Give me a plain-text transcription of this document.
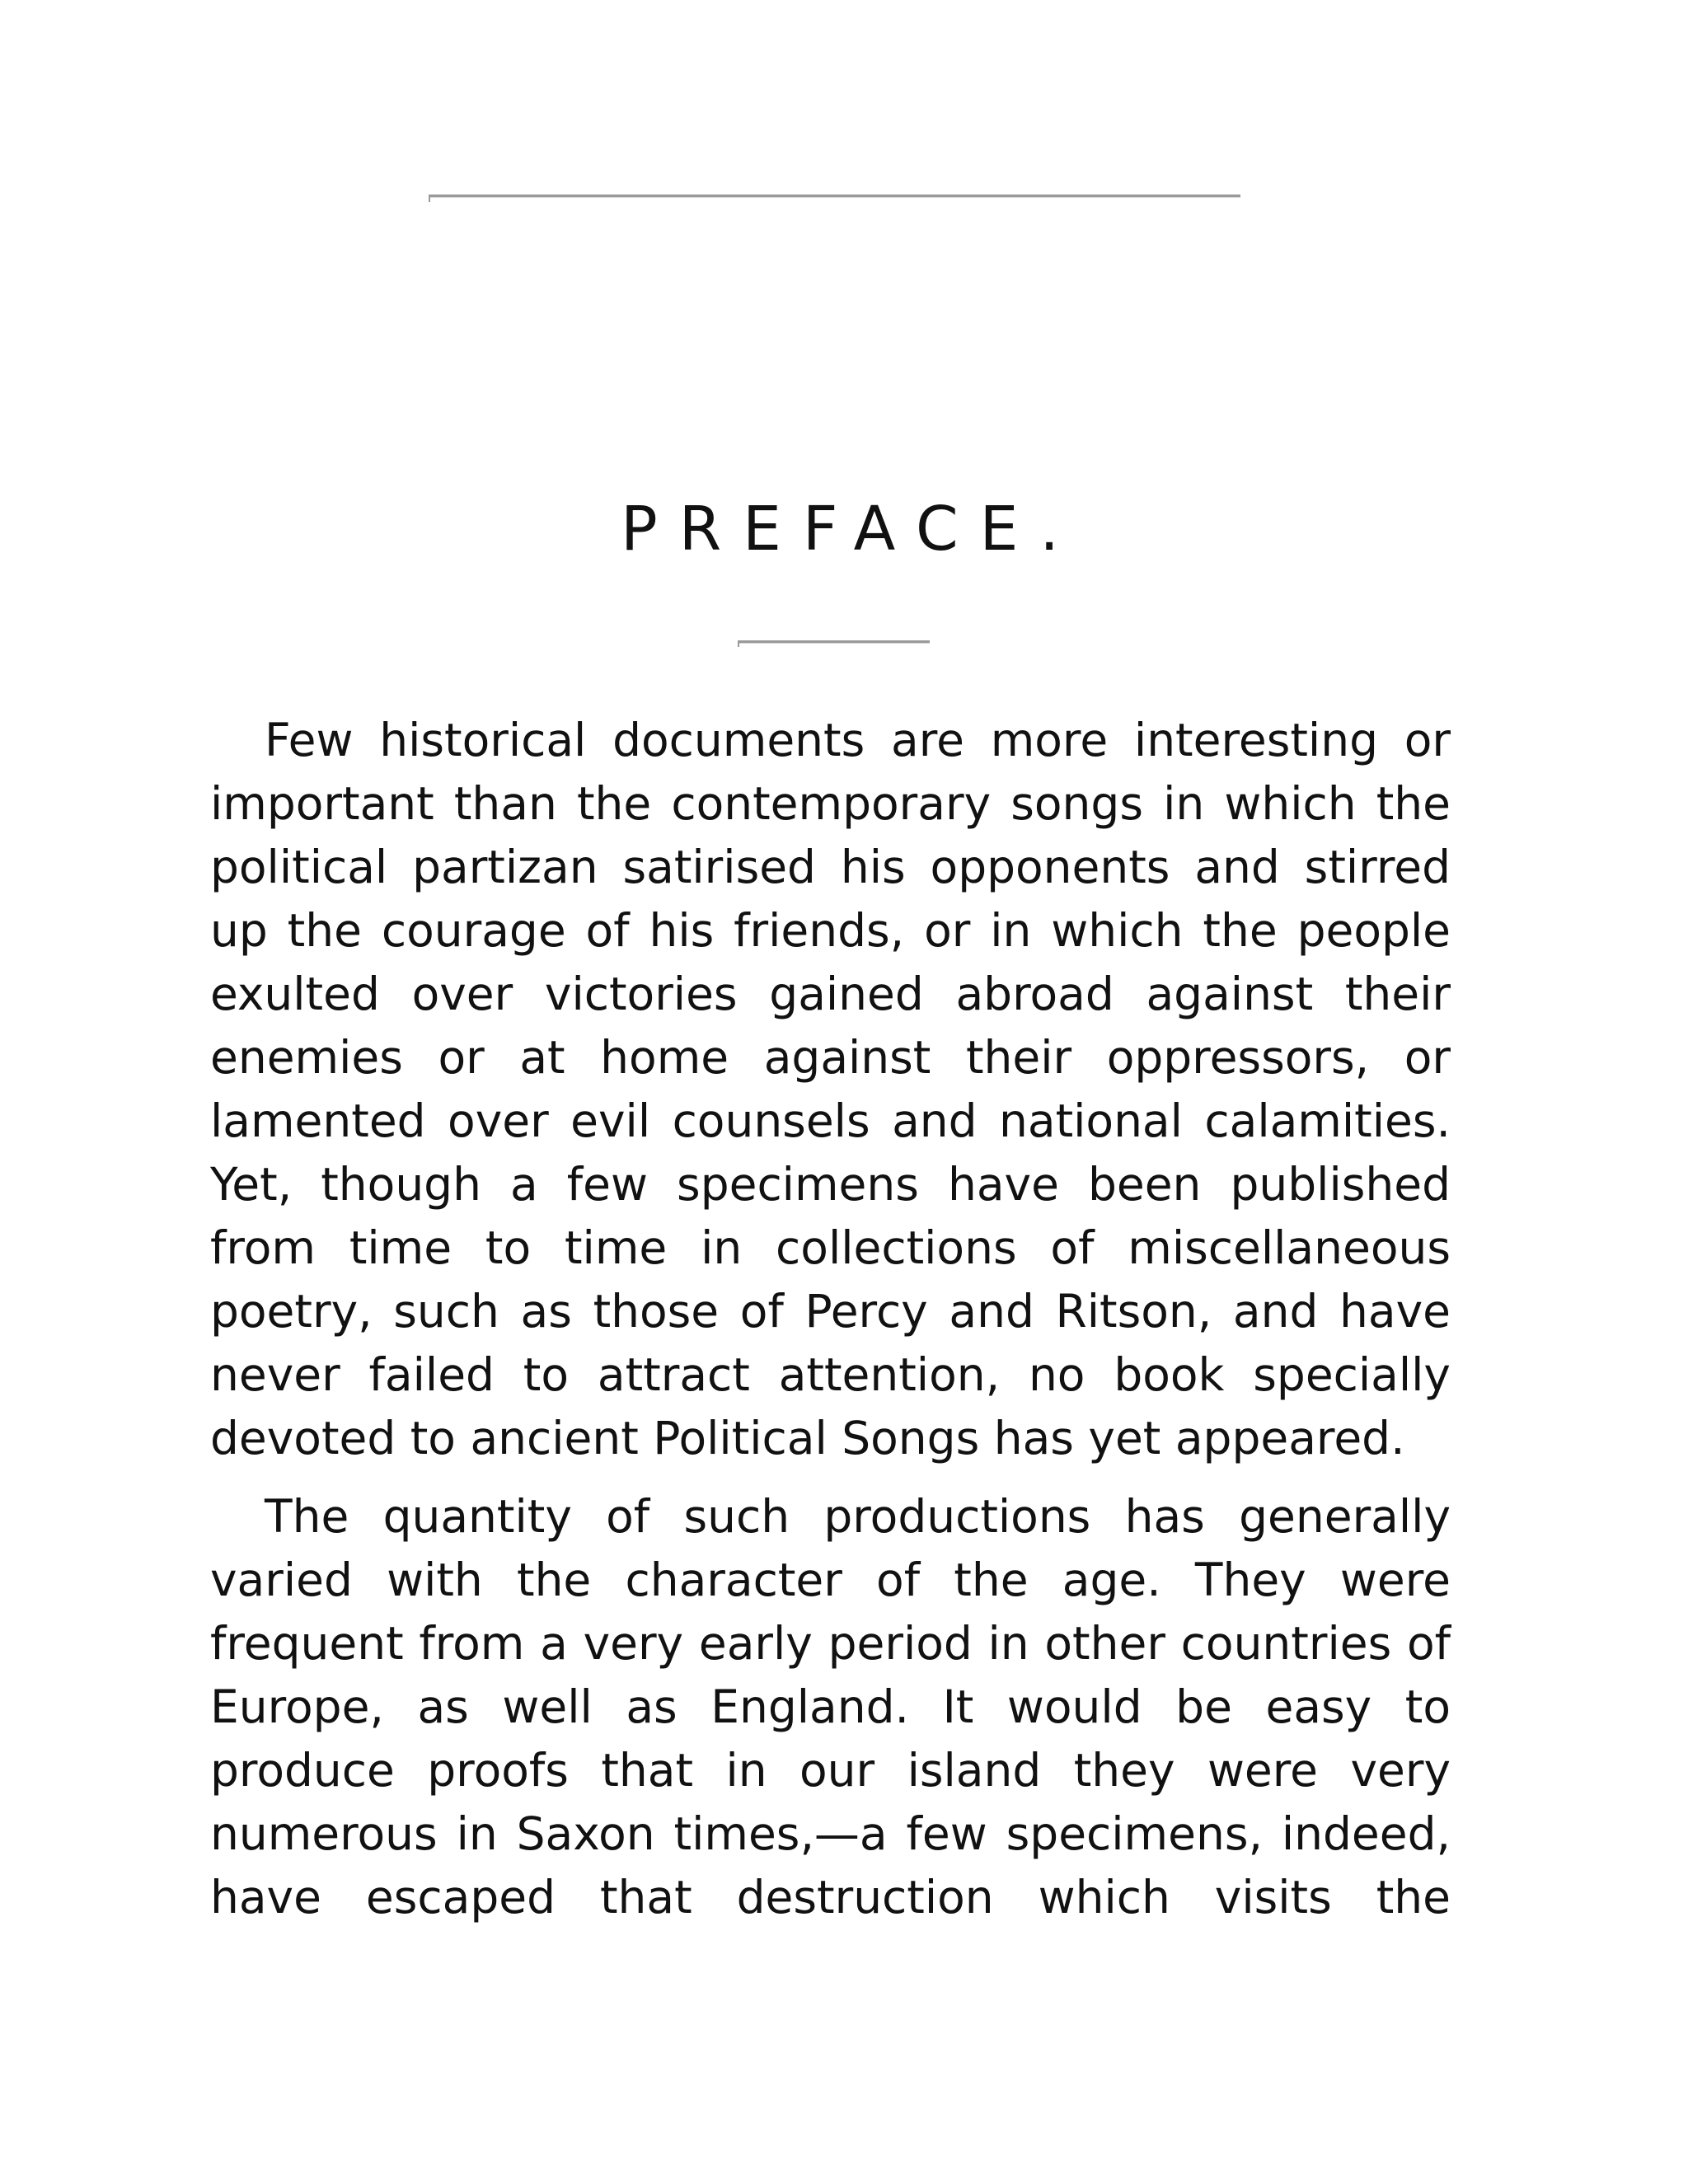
PREFACE.

Few historical documents are more interesting or important than the contemporary songs in which the political partizan satirised his opponents and stirred up the courage of his friends, or in which the people exulted over victories gained abroad against their enemies or at home against their oppressors, or lamented over evil counsels and national calamities. Yet, though a few specimens have been published from time to time in collections of miscellaneous poetry, such as those of Percy and Ritson, and have never failed to attract attention, no book specially devoted to ancient Political Songs has yet appeared.

The quantity of such productions has generally varied with the character of the age. They were frequent from a very early period in other countries of Europe, as well as England. It would be easy to produce proofs that in our island they were very numerous in Saxon times,—a few specimens, indeed, have escaped that destruction which visits the
